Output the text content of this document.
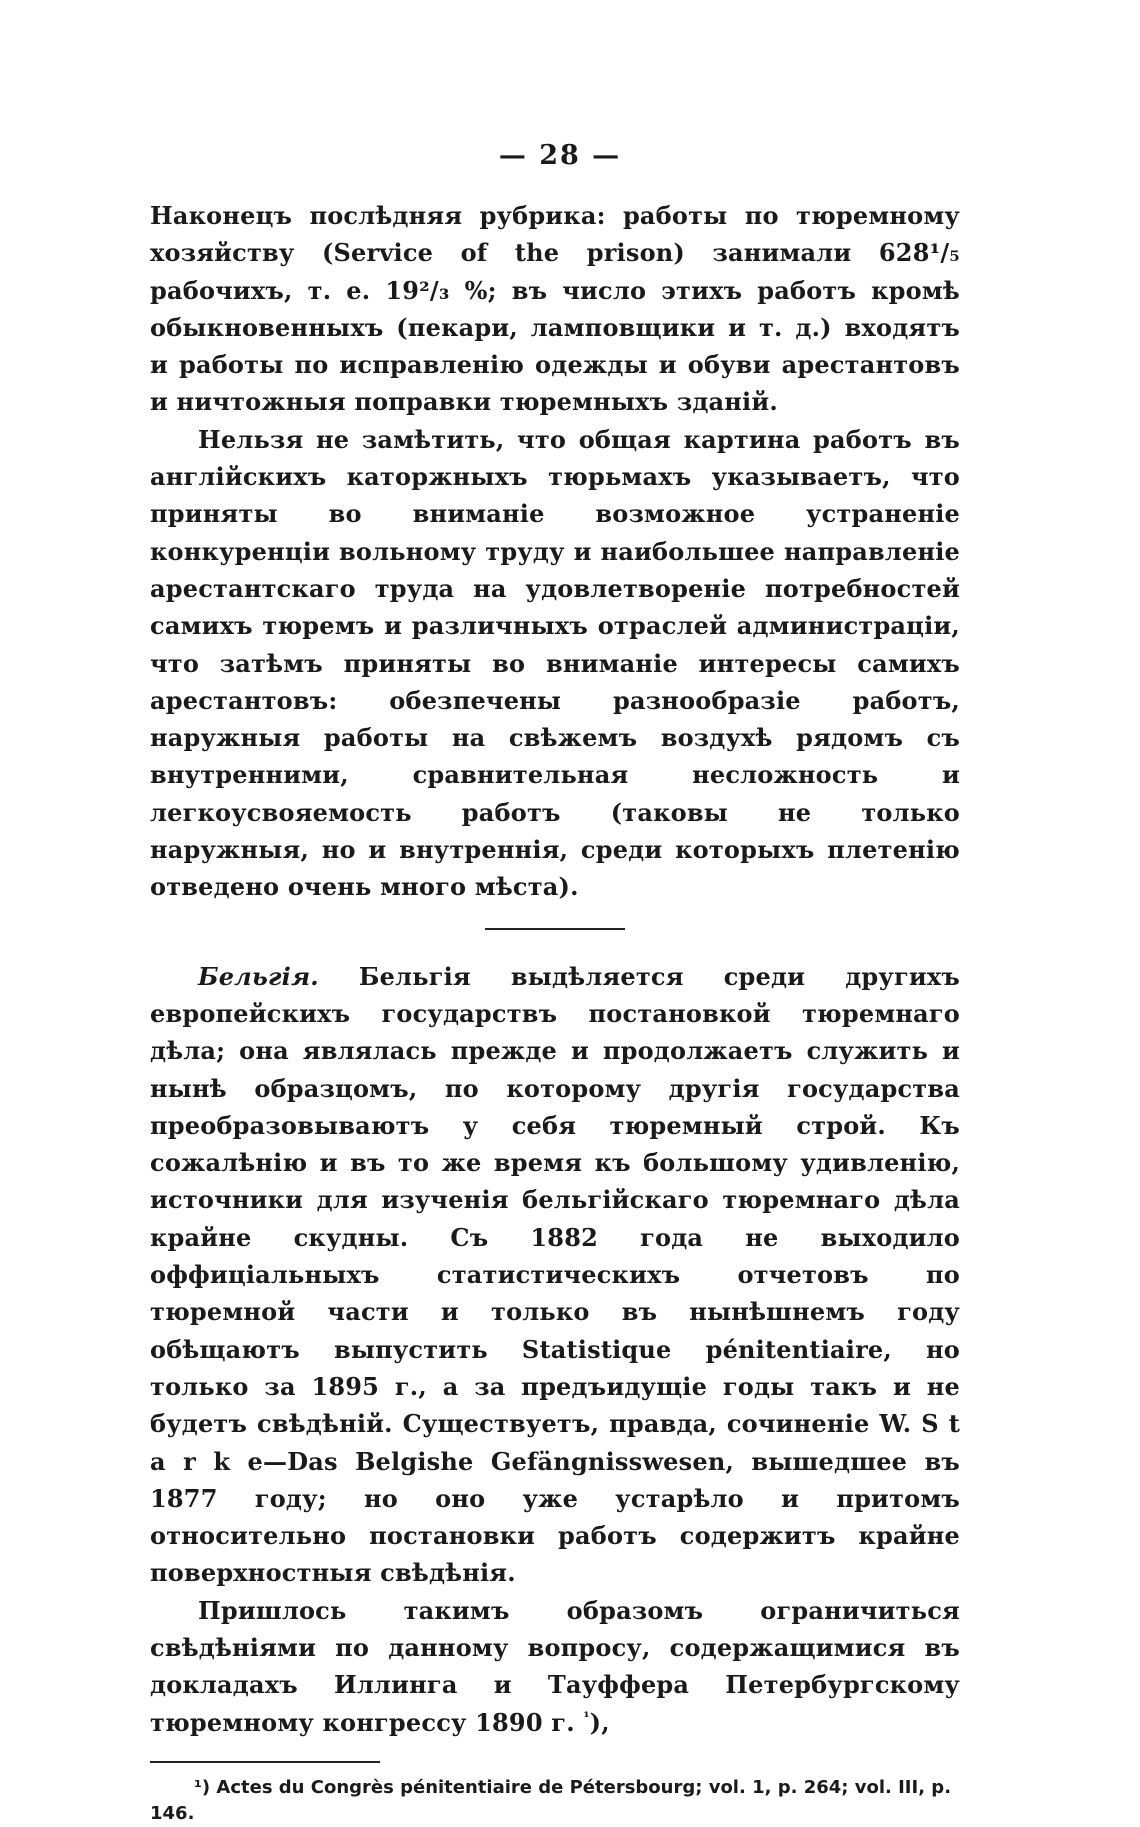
— 28 —

Наконецъ послѣдняя рубрика: работы по тюремному хозяйству (Service of the prison) занимали 628¹/₅ рабочихъ, т. е. 19²/₃ %; въ число этихъ работъ кромѣ обыкновенныхъ (пекари, ламповщики и т. д.) входятъ и работы по исправленію одежды и обуви арестантовъ и ничтожныя поправки тюремныхъ зданій.

Нельзя не замѣтить, что общая картина работъ въ англійскихъ каторжныхъ тюрьмахъ указываетъ, что приняты во вниманіе возможное устраненіе конкуренціи вольному труду и наибольшее направленіе арестантскаго труда на удовлетвореніе потребностей самихъ тюремъ и различныхъ отраслей администраціи, что затѣмъ приняты во вниманіе интересы самихъ арестантовъ: обезпечены разнообразіе работъ, наружныя работы на свѣжемъ воздухѣ рядомъ съ внутренними, сравнительная несложность и легкоусвояемость работъ (таковы не только наружныя, но и внутреннія, среди которыхъ плетенію отведено очень много мѣста).

Бельгія. Бельгія выдѣляется среди другихъ европейскихъ государствъ постановкой тюремнаго дѣла; она являлась прежде и продолжаетъ служить и нынѣ образцомъ, по которому другія государства преобразовываютъ у себя тюремный строй. Къ сожалѣнію и въ то же время къ большому удивленію, источники для изученія бельгійскаго тюремнаго дѣла крайне скудны. Съ 1882 года не выходило оффиціальныхъ статистическихъ отчетовъ по тюремной части и только въ нынѣшнемъ году обѣщаютъ выпустить Statistique pénitentiaire, но только за 1895 г., а за предъидущіе годы такъ и не будетъ свѣдѣній. Существуетъ, правда, сочиненіе W. S t a r k e—Das Belgishe Gefängnisswesen, вышедшее въ 1877 году; но оно уже устарѣло и притомъ относительно постановки работъ содержитъ крайне поверхностныя свѣдѣнія.

Пришлось такимъ образомъ ограничиться свѣдѣніями по данному вопросу, содержащимися въ докладахъ Иллинга и Тауффера Петербургскому тюремному конгрессу 1890 г. $^{^1}$),

¹) Actes du Congrès pénitentiaire de Pétersbourg; vol. 1, p. 264; vol. III, p. 146.
